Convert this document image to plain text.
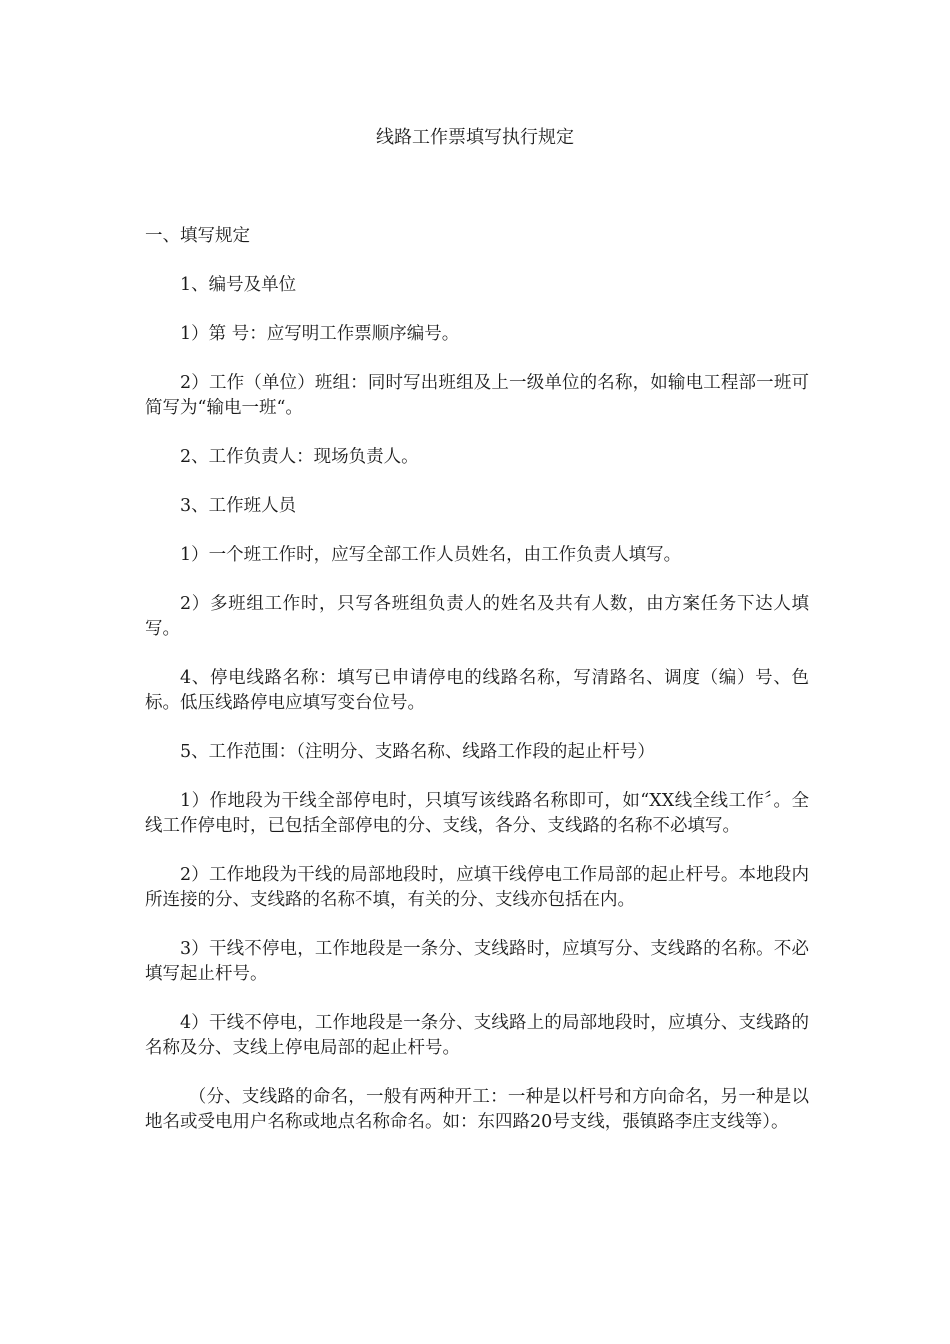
线路工作票填写执行规定

一、填写规定

1、编号及单位

1）第 号：应写明工作票顺序编号。

2）工作（单位）班组：同时写出班组及上一级单位的名称，如输电工程部一班可简写为“输电一班“。

2、工作负责人：现场负责人。

3、工作班人员

1）一个班工作时，应写全部工作人员姓名，由工作负责人填写。

2）多班组工作时，只写各班组负责人的姓名及共有人数，由方案任务下达人填写。

4、停电线路名称：填写已申请停电的线路名称，写清路名、调度（编）号、色标。低压线路停电应填写变台位号。

5、工作范围：（注明分、支路名称、线路工作段的起止杆号）

1）作地段为干线全部停电时，只填写该线路名称即可，如“XX线全线工作〞。全线工作停电时，已包括全部停电的分、支线，各分、支线路的名称不必填写。

2）工作地段为干线的局部地段时，应填干线停电工作局部的起止杆号。本地段内所连接的分、支线路的名称不填，有关的分、支线亦包括在内。

3）干线不停电，工作地段是一条分、支线路时，应填写分、支线路的名称。不必填写起止杆号。

4）干线不停电，工作地段是一条分、支线路上的局部地段时，应填分、支线路的名称及分、支线上停电局部的起止杆号。

（分、支线路的命名，一般有两种开工：一种是以杆号和方向命名，另一种是以地名或受电用户名称或地点名称命名。如：东四路20号支线，張镇路李庄支线等）。
